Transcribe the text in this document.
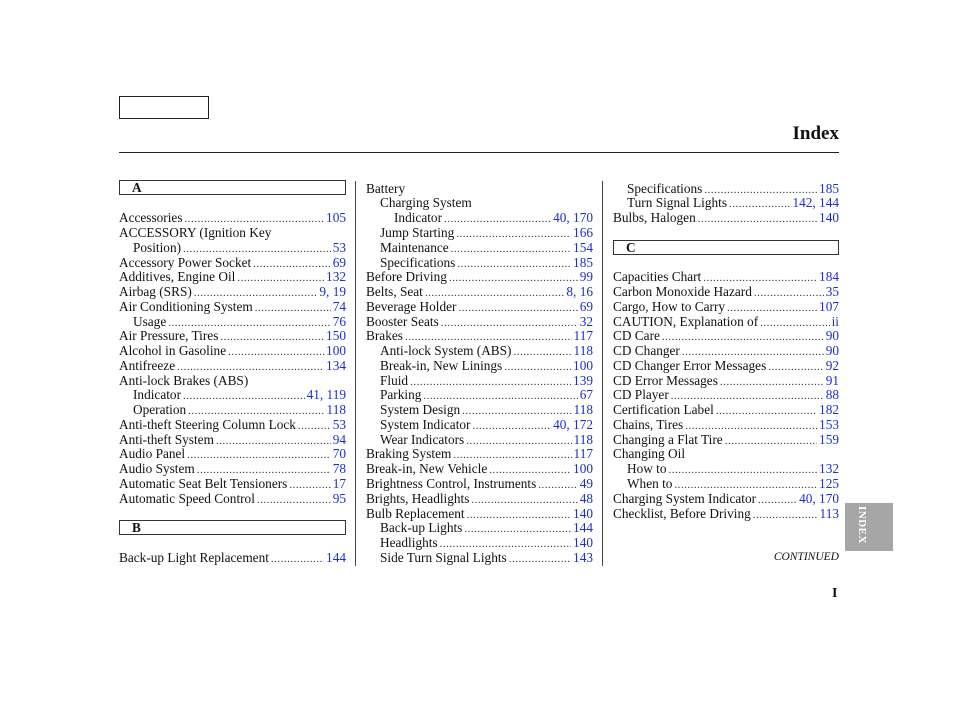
Index
A
Accessories .....	105
ACCESSORY (Ignition Key
Position) .....	53
Accessory Power Socket .....	69
Additives, Engine Oil .....	132
Airbag (SRS) .....	9, 19
Air Conditioning System .....	74
Usage .....	76
Air Pressure, Tires .....	150
Alcohol in Gasoline .....	100
Antifreeze .....	134
Anti-lock Brakes (ABS)
Indicator .....	41, 119
Operation .....	118
Anti-theft Steering Column Lock .....	53
Anti-theft System .....	94
Audio Panel .....	70
Audio System .....	78
Automatic Seat Belt Tensioners .....	17
Automatic Speed Control .....	95
B
Back-up Light Replacement .....	144
Battery
Charging System
Indicator .....	40, 170
Jump Starting .....	166
Maintenance .....	154
Specifications .....	185
Before Driving .....	99
Belts, Seat .....	8, 16
Beverage Holder .....	69
Booster Seats .....	32
Brakes .....	117
Anti-lock System (ABS) .....	118
Break-in, New Linings .....	100
Fluid .....	139
Parking .....	67
System Design .....	118
System Indicator .....	40, 172
Wear Indicators .....	118
Braking System .....	117
Break-in, New Vehicle .....	100
Brightness Control, Instruments .....	49
Brights, Headlights .....	48
Bulb Replacement .....	140
Back-up Lights .....	144
Headlights .....	140
Side Turn Signal Lights .....	143
Specifications .....	185
Turn Signal Lights .....	142, 144
Bulbs, Halogen .....	140
C
Capacities Chart .....	184
Carbon Monoxide Hazard .....	35
Cargo, How to Carry .....	107
CAUTION, Explanation of .....	ii
CD Care .....	90
CD Changer .....	90
CD Changer Error Messages .....	92
CD Error Messages .....	91
CD Player .....	88
Certification Label .....	182
Chains, Tires .....	153
Changing a Flat Tire .....	159
Changing Oil
How to .....	132
When to .....	125
Charging System Indicator .....	40, 170
Checklist, Before Driving .....	113
CONTINUED
INDEX
I
